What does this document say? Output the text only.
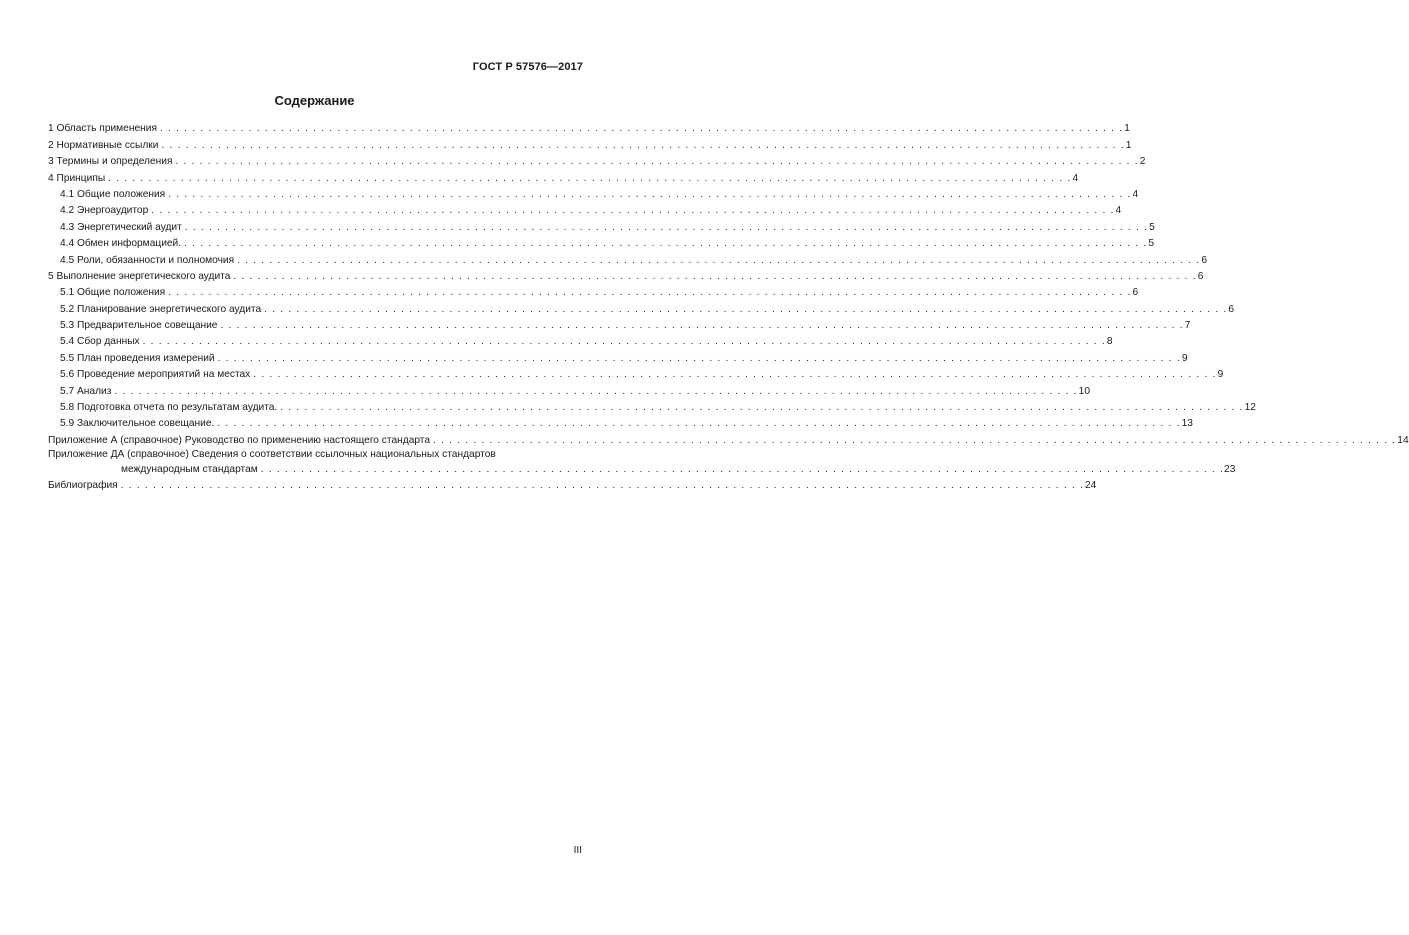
ГОСТ Р 57576—2017
Содержание
1 Область применения . . . . . . . . . . . . . . . . . . . . . . . . . . . . . . . . . . . . . . . . . . . . . . . . . . . . . . . . . . . . . . . . . . . . . . . . . . . . . . . . . . . . . . . . . . . . . . . . . . . . . . . . . . . . . . . . . . . . . . . . 1
2 Нормативные ссылки . . . . . . . . . . . . . . . . . . . . . . . . . . . . . . . . . . . . . . . . . . . . . . . . . . . . . . . . . . . . . . . . . . . . . . . . . . . . . . . . . . . . . . . . . . . . . . . . . . . . . . . . . . . . . . . . . . . . . . . . 1
3 Термины и определения . . . . . . . . . . . . . . . . . . . . . . . . . . . . . . . . . . . . . . . . . . . . . . . . . . . . . . . . . . . . . . . . . . . . . . . . . . . . . . . . . . . . . . . . . . . . . . . . . . . . . . . . . . . . . . . . . . . . . . . . 2
4 Принципы . . . . . . . . . . . . . . . . . . . . . . . . . . . . . . . . . . . . . . . . . . . . . . . . . . . . . . . . . . . . . . . . . . . . . . . . . . . . . . . . . . . . . . . . . . . . . . . . . . . . . . . . . . . . . . . . . . . . . . . . 4
4.1 Общие положения . . . . . . . . . . . . . . . . . . . . . . . . . . . . . . . . . . . . . . . . . . . . . . . . . . . . . . . . . . . . . . . . . . . . . . . . . . . . . . . . . . . . . . . . . . . . . . . . . . . . . . . . . . . . . . . . . . . . . . . . 4
4.2 Энергоаудитор . . . . . . . . . . . . . . . . . . . . . . . . . . . . . . . . . . . . . . . . . . . . . . . . . . . . . . . . . . . . . . . . . . . . . . . . . . . . . . . . . . . . . . . . . . . . . . . . . . . . . . . . . . . . . . . . . . . . . . . . 4
4.3 Энергетический аудит . . . . . . . . . . . . . . . . . . . . . . . . . . . . . . . . . . . . . . . . . . . . . . . . . . . . . . . . . . . . . . . . . . . . . . . . . . . . . . . . . . . . . . . . . . . . . . . . . . . . . . . . . . . . . . . . . . . . . . . . 5
4.4 Обмен информацией. . . . . . . . . . . . . . . . . . . . . . . . . . . . . . . . . . . . . . . . . . . . . . . . . . . . . . . . . . . . . . . . . . . . . . . . . . . . . . . . . . . . . . . . . . . . . . . . . . . . . . . . . . . . . . . . . . . . . . . . . 5
4.5 Роли, обязанности и полномочия . . . . . . . . . . . . . . . . . . . . . . . . . . . . . . . . . . . . . . . . . . . . . . . . . . . . . . . . . . . . . . . . . . . . . . . . . . . . . . . . . . . . . . . . . . . . . . . . . . . . . . . . . . . . . . . . . . . . . . . . 6
5 Выполнение энергетического аудита . . . . . . . . . . . . . . . . . . . . . . . . . . . . . . . . . . . . . . . . . . . . . . . . . . . . . . . . . . . . . . . . . . . . . . . . . . . . . . . . . . . . . . . . . . . . . . . . . . . . . . . . . . . . . . . . . . . . . . . . 6
5.1 Общие положения . . . . . . . . . . . . . . . . . . . . . . . . . . . . . . . . . . . . . . . . . . . . . . . . . . . . . . . . . . . . . . . . . . . . . . . . . . . . . . . . . . . . . . . . . . . . . . . . . . . . . . . . . . . . . . . . . . . . . . . . 6
5.2 Планирование энергетического аудита . . . . . . . . . . . . . . . . . . . . . . . . . . . . . . . . . . . . . . . . . . . . . . . . . . . . . . . . . . . . . . . . . . . . . . . . . . . . . . . . . . . . . . . . . . . . . . . . . . . . . . . . . . . . . . . . . . . . . . . . 6
5.3 Предварительное совещание . . . . . . . . . . . . . . . . . . . . . . . . . . . . . . . . . . . . . . . . . . . . . . . . . . . . . . . . . . . . . . . . . . . . . . . . . . . . . . . . . . . . . . . . . . . . . . . . . . . . . . . . . . . . . . . . . . . . . . . . 7
5.4 Сбор данных . . . . . . . . . . . . . . . . . . . . . . . . . . . . . . . . . . . . . . . . . . . . . . . . . . . . . . . . . . . . . . . . . . . . . . . . . . . . . . . . . . . . . . . . . . . . . . . . . . . . . . . . . . . . . . . . . . . . . . . . 8
5.5 План проведения измерений . . . . . . . . . . . . . . . . . . . . . . . . . . . . . . . . . . . . . . . . . . . . . . . . . . . . . . . . . . . . . . . . . . . . . . . . . . . . . . . . . . . . . . . . . . . . . . . . . . . . . . . . . . . . . . . . . . . . . . . . 9
5.6 Проведение мероприятий на местах . . . . . . . . . . . . . . . . . . . . . . . . . . . . . . . . . . . . . . . . . . . . . . . . . . . . . . . . . . . . . . . . . . . . . . . . . . . . . . . . . . . . . . . . . . . . . . . . . . . . . . . . . . . . . . . . . . . . . . . . 9
5.7 Анализ . . . . . . . . . . . . . . . . . . . . . . . . . . . . . . . . . . . . . . . . . . . . . . . . . . . . . . . . . . . . . . . . . . . . . . . . . . . . . . . . . . . . . . . . . . . . . . . . . . . . . . . . . . . . . . . . . . . . . . . . 10
5.8 Подготовка отчета по результатам аудита. . . . . . . . . . . . . . . . . . . . . . . . . . . . . . . . . . . . . . . . . . . . . . . . . . . . . . . . . . . . . . . . . . . . . . . . . . . . . . . . . . . . . . . . . . . . . . . . . . . . . . . . . . . . . . . . . . . . . . . . . 12
5.9 Заключительное совещание. . . . . . . . . . . . . . . . . . . . . . . . . . . . . . . . . . . . . . . . . . . . . . . . . . . . . . . . . . . . . . . . . . . . . . . . . . . . . . . . . . . . . . . . . . . . . . . . . . . . . . . . . . . . . . . . . . . . . . . . . 13
Приложение А (справочное) Руководство по применению настоящего стандарта . . . . . . . . . . . . . . . . . . . . . . . . . . . . . . . . . . . . . . . . . . . . . . . . . . . . . . . . . . . . . . . . . . . . . . . . . . . . . . . . . . . . . . . . . . . . . . . . . . . . . . . . . . . . . . . . . . . . . . . . 14
Приложение ДА (справочное) Сведения о соответствии ссылочных национальных стандартов
международным стандартам . . . . . . . . . . . . . . . . . . . . . . . . . . . . . . . . . . . . . . . . . . . . . . . . . . . . . . . . . . . . . . . . . . . . . . . . . . . . . . . . . . . . . . . . . . . . . . . . . . . . . . . . . . . . . . . . . . . . . . . . 23
Библиография . . . . . . . . . . . . . . . . . . . . . . . . . . . . . . . . . . . . . . . . . . . . . . . . . . . . . . . . . . . . . . . . . . . . . . . . . . . . . . . . . . . . . . . . . . . . . . . . . . . . . . . . . . . . . . . . . . . . . . . . 24
III
